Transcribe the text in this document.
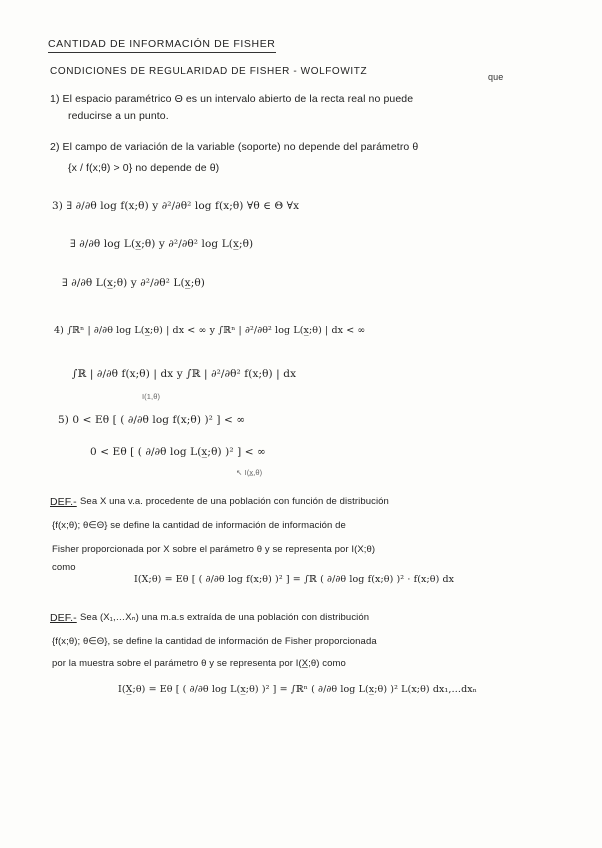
CANTIDAD DE INFORMACIÓN DE FISHER
CONDICIONES DE REGULARIDAD DE FISHER - WOLFOWITZ	que
1) El espacio paramétrico Θ es un intervalo abierto de la recta real no puede
reducirse a un punto.
2) El campo de variación de la variable (soporte) no depende del parámetro θ
{x / f(x;θ) > 0} no depende de θ)
3) ∃ ∂/∂θ log f(x;θ) y ∂²/∂θ² log f(x;θ) ∀θ ∈ Θ ∀x
∃ ∂/∂θ log L(x̲;θ) y ∂²/∂θ² log L(x̲;θ)
∃ ∂/∂θ L(x̲;θ) y ∂²/∂θ² L(x̲;θ)
4) ∫ℝⁿ | ∂/∂θ log L(x̲;θ) | dx < ∞ y ∫ℝⁿ | ∂²/∂θ² log L(x̲;θ) | dx < ∞
∫ℝ | ∂/∂θ f(x;θ) | dx y ∫ℝ | ∂²/∂θ² f(x;θ) | dx
I(1,θ)
5) 0 < Eθ [ ( ∂/∂θ log f(x;θ) )² ] < ∞
0 < Eθ [ ( ∂/∂θ log L(x̲;θ) )² ] < ∞
↖ I(x̲,θ)
DEF.- Sea X una v.a. procedente de una población con función de distribución
{f(x;θ); θ∈Θ} se define la cantidad de información de información de
Fisher proporcionada por X sobre el parámetro θ y se representa por I(X;θ)
como
I(X;θ) = Eθ [ ( ∂/∂θ log f(x;θ) )² ] = ∫ℝ ( ∂/∂θ log f(x;θ) )² · f(x;θ) dx
DEF.- Sea (X₁,…Xₙ) una m.a.s extraída de una población con distribución
{f(x;θ); θ∈Θ}, se define la cantidad de información de Fisher proporcionada
por la muestra sobre el parámetro θ y se representa por I(X̲;θ) como
I(X̲;θ) = Eθ [ ( ∂/∂θ log L(x̲;θ) )² ] = ∫ℝⁿ ( ∂/∂θ log L(x̲;θ) )² L(x;θ) dx₁,…dxₙ
